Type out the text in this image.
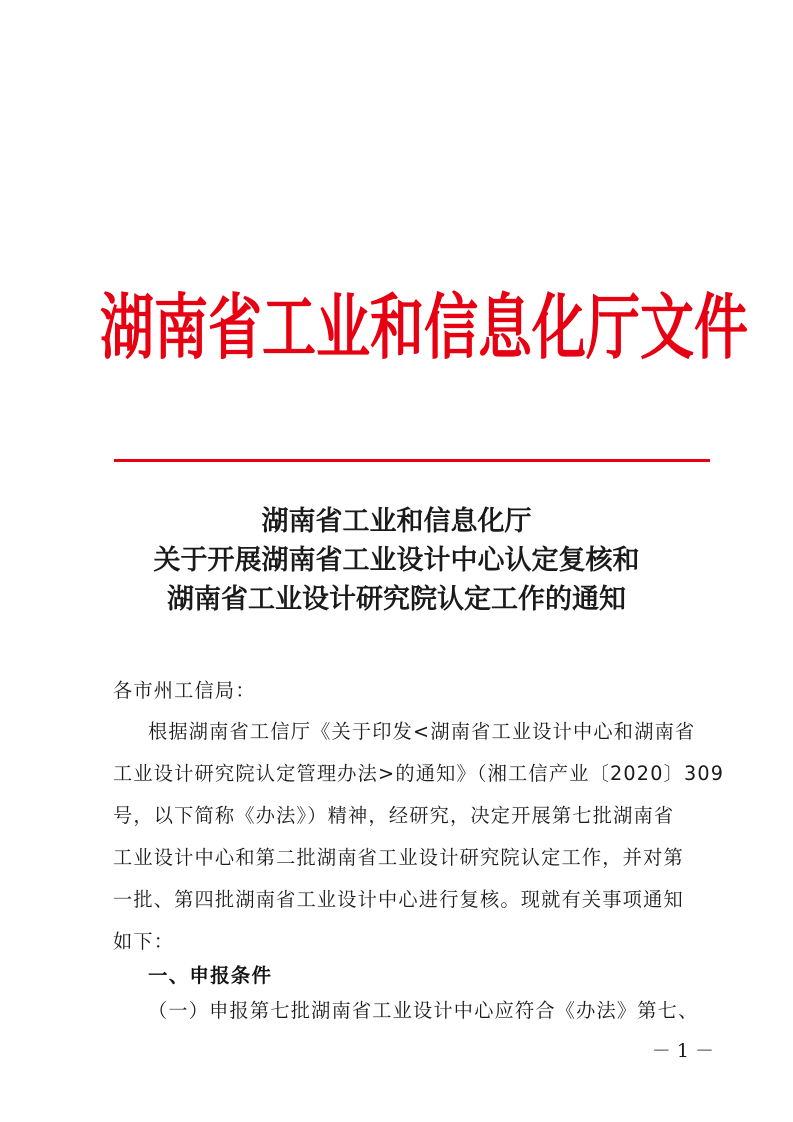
湖 南 省 工 业 和 信 息 化 厅 文 件
湖南省工业和信息化厅
关于开展湖南省工业设计中心认定复核和
湖南省工业设计研究院认定工作的通知
各市州工信局：
根据湖南省工信厅《关于印发<湖南省工业设计中心和湖南省
工业设计研究院认定管理办法>的通知》（湘工信产业〔2020〕309
号，以下简称《办法》）精神，经研究，决定开展第七批湖南省
工业设计中心和第二批湖南省工业设计研究院认定工作，并对第
一批、第四批湖南省工业设计中心进行复核。现就有关事项通知
如下：
一、申报条件
（一）申报第七批湖南省工业设计中心应符合《办法》第七、
－ 1 －
